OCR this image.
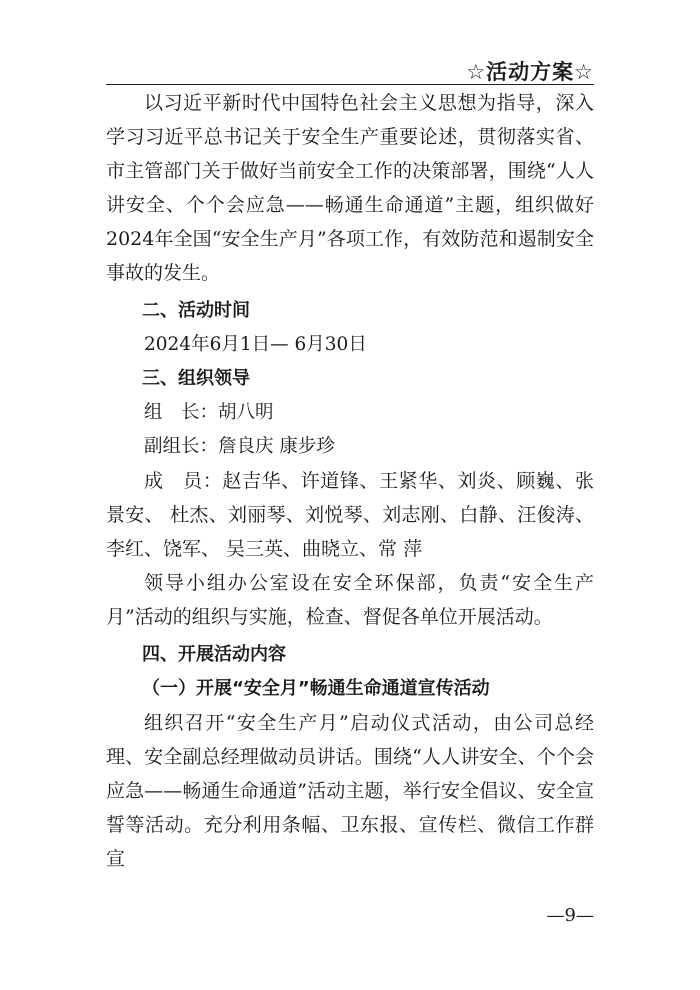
☆活动方案☆

以习近平新时代中国特色社会主义思想为指导，深入学习习近平总书记关于安全生产重要论述，贯彻落实省、市主管部门关于做好当前安全工作的决策部署，围绕“人人讲安全、个个会应急——畅通生命通道”主题，组织做好2024年全国“安全生产月”各项工作，有效防范和遏制安全事故的发生。

二、活动时间

2024年6月1日— 6月30日

三、组织领导

组　长：胡八明

副组长：詹良庆 康步珍

成　员：赵吉华、许道锋、王紧华、刘炎、顾巍、张景安、 杜杰、刘丽琴、刘悦琴、刘志刚、白静、汪俊涛、李红、饶军、 吴三英、曲晓立、常 萍

领导小组办公室设在安全环保部，负责“安全生产月”活动的组织与实施，检查、督促各单位开展活动。

四、开展活动内容

（一）开展“安全月”畅通生命通道宣传活动

组织召开“安全生产月”启动仪式活动，由公司总经理、安全副总经理做动员讲话。围绕“人人讲安全、个个会应急——畅通生命通道”活动主题，举行安全倡议、安全宣誓等活动。充分利用条幅、卫东报、宣传栏、微信工作群宣

—9—
